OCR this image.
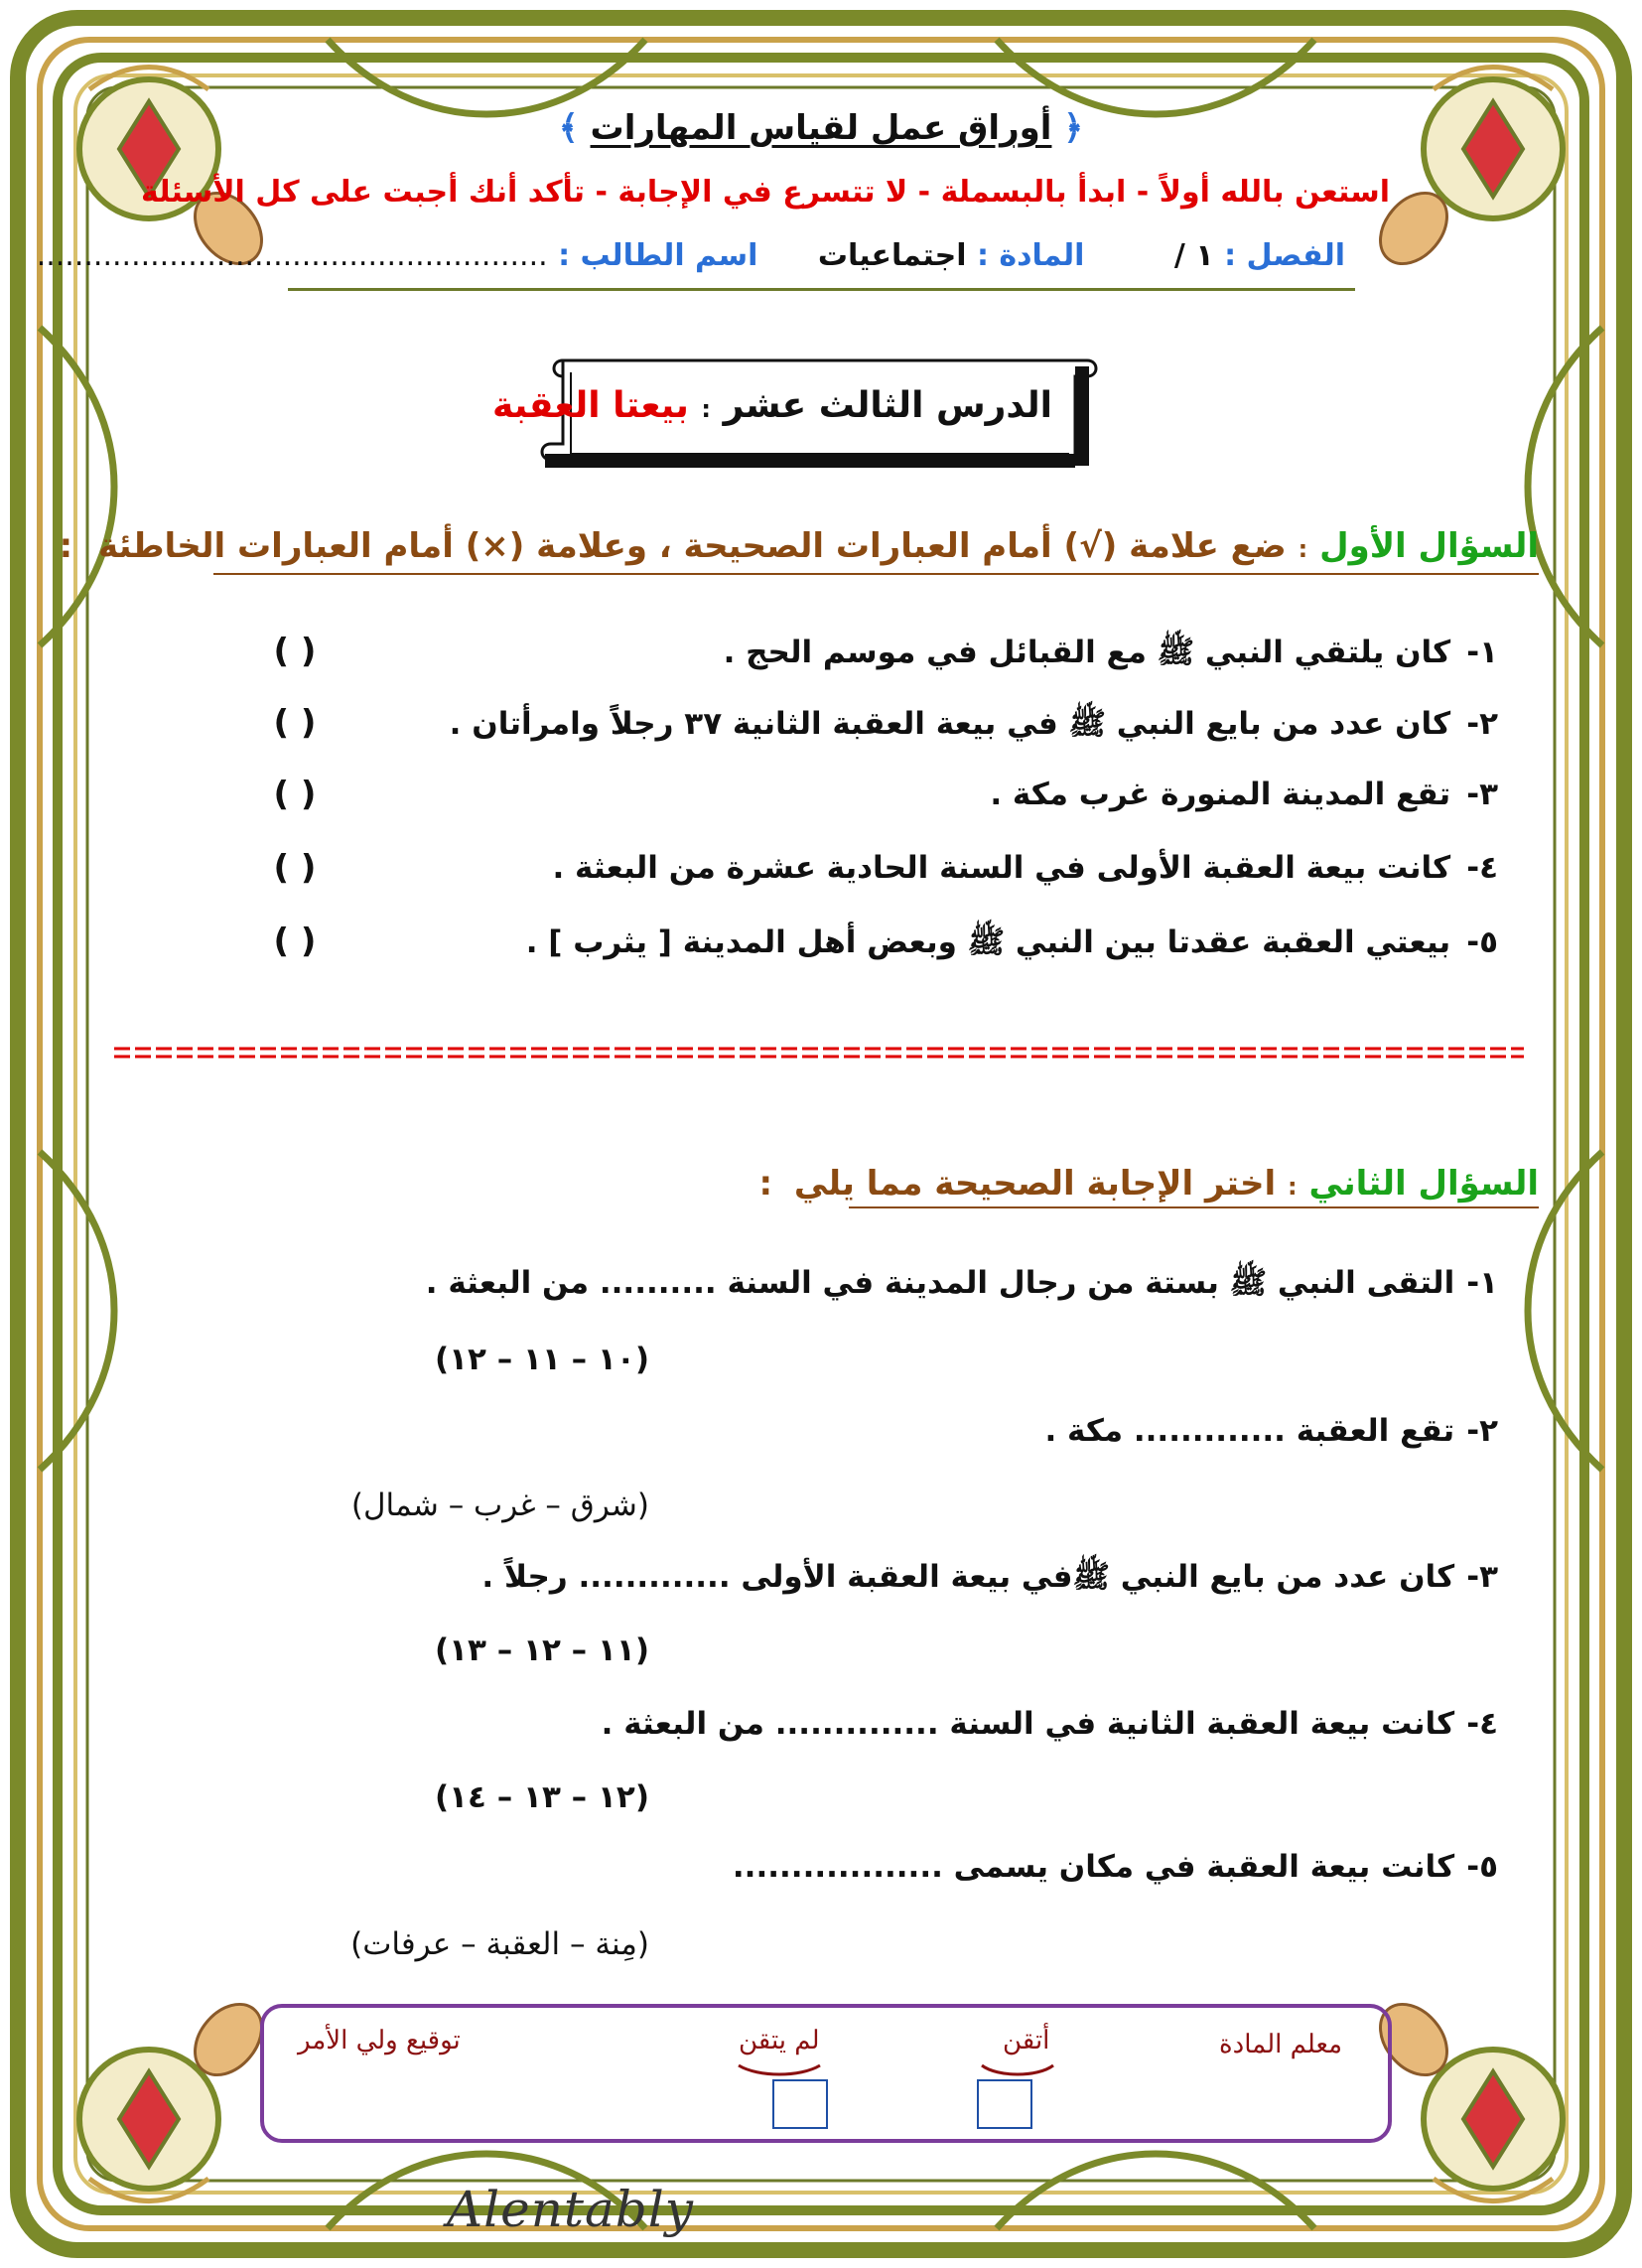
﴿ أوراق عمل لقياس المهارات ﴾
استعن بالله أولاً - ابدأ بالبسملة - لا تتسرع في الإجابة - تأكد أنك أجبت على كل الأسئلة
الفصل : ١ / المادة : اجتماعيات اسم الطالب : ......................................................
الدرس الثالث عشر : بيعتا العقبة
السؤال الأول : ضع علامة (√) أمام العبارات الصحيحة ، وعلامة (×) أمام العبارات الخاطئة :
١-كان يلتقي النبي ﷺ مع القبائل في موسم الحج .
( )
٢-كان عدد من بايع النبي ﷺ في بيعة العقبة الثانية ٣٧ رجلاً وامرأتان .
( )
٣-تقع المدينة المنورة غرب مكة .
( )
٤-كانت بيعة العقبة الأولى في السنة الحادية عشرة من البعثة .
( )
٥-بيعتي العقبة عقدتا بين النبي ﷺ وبعض أهل المدينة [ يثرب ] .
( )
السؤال الثاني : اختر الإجابة الصحيحة مما يلي :
١-التقى النبي ﷺ بستة من رجال المدينة في السنة .......... من البعثة .
(١٠ – ١١ – ١٢)
٢-تقع العقبة ............. مكة .
(شرق – غرب – شمال)
٣-كان عدد من بايع النبي ﷺفي بيعة العقبة الأولى ............. رجلاً .
(١١ – ١٢ – ١٣)
٤-كانت بيعة العقبة الثانية في السنة .............. من البعثة .
(١٢ – ١٣ – ١٤)
٥-كانت بيعة العقبة في مكان يسمى ..................
(مِنة – العقبة – عرفات)
معلم المادة
أتقن
لم يتقن
توقيع ولي الأمر
Alentably
